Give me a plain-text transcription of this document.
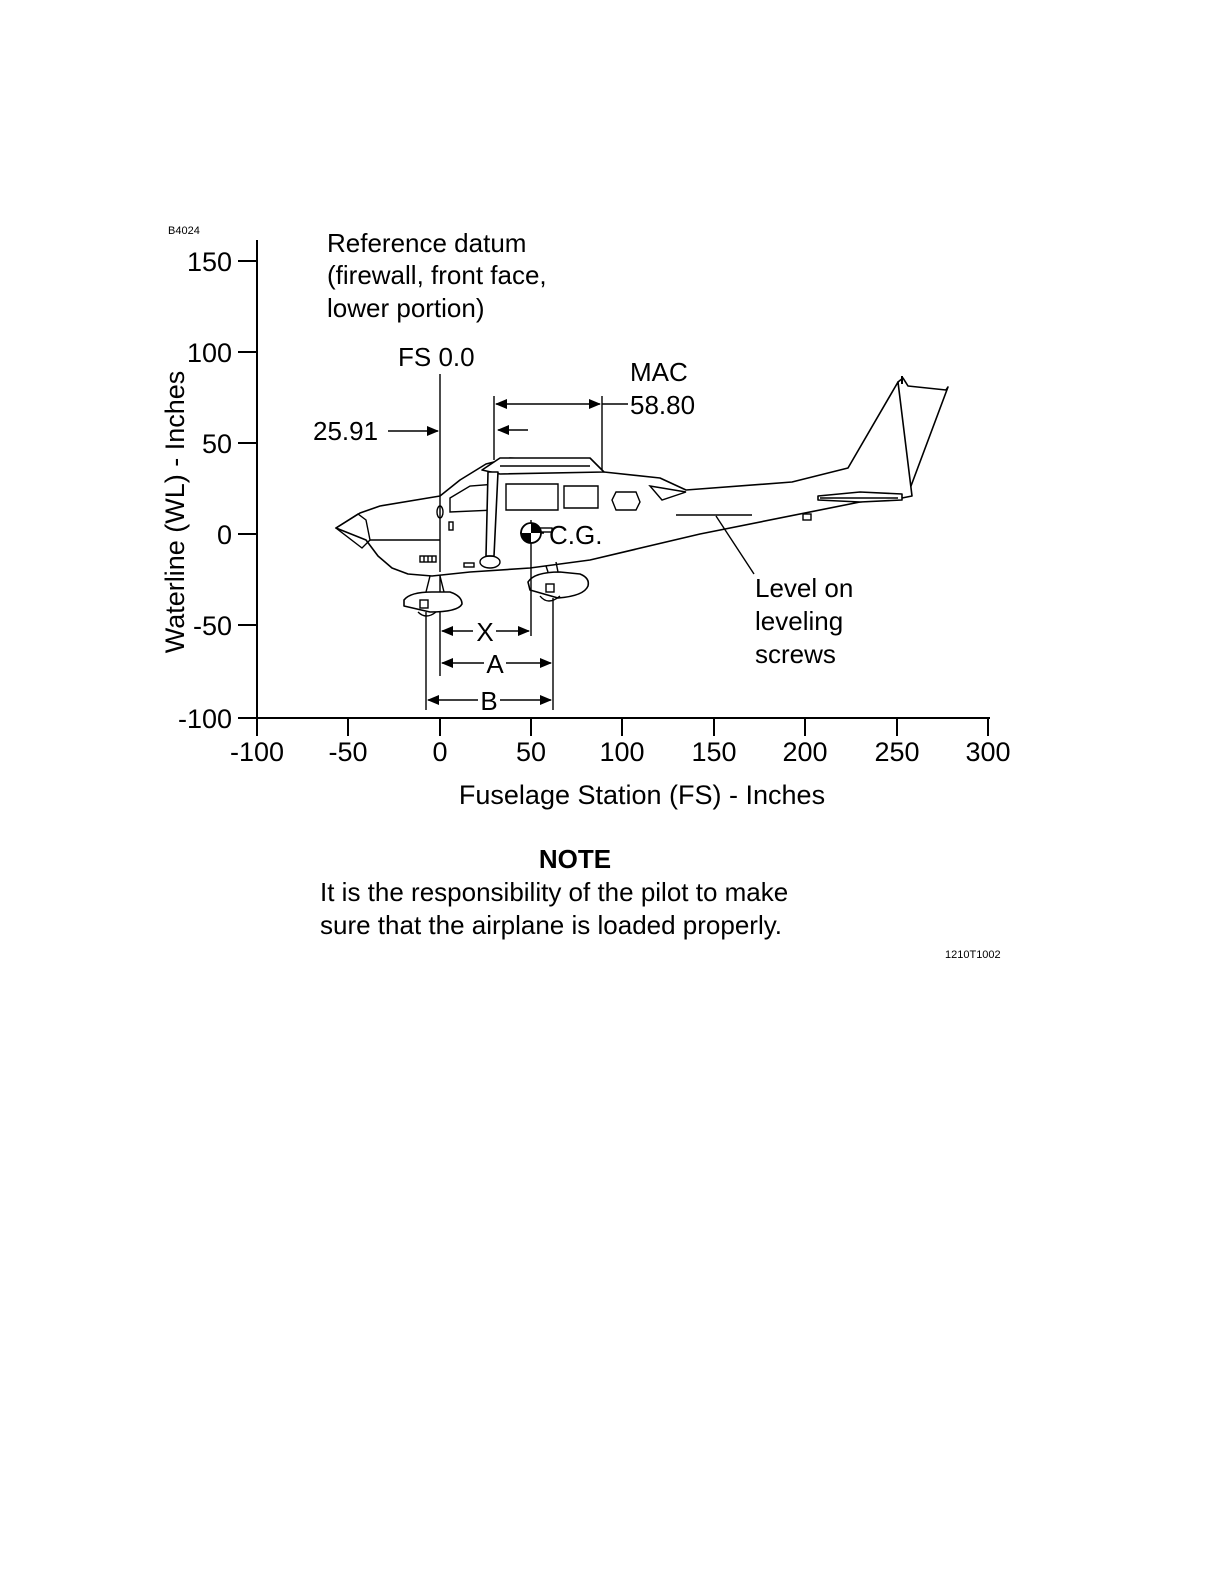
B4024
1210T1002
150
100
50
0
-50
-100
Waterline (WL) - Inches
-100 -50 0	50 100 150 200 250 300
Fuselage Station (FS) - Inches
Reference datum
(firewall, front face,
lower portion)
FS 0.0
25.91
MAC
58.80
C.G.
Level on
leveling
screws
X
A
B
NOTE
It is the responsibility of the pilot to make
sure that the airplane is loaded properly.
